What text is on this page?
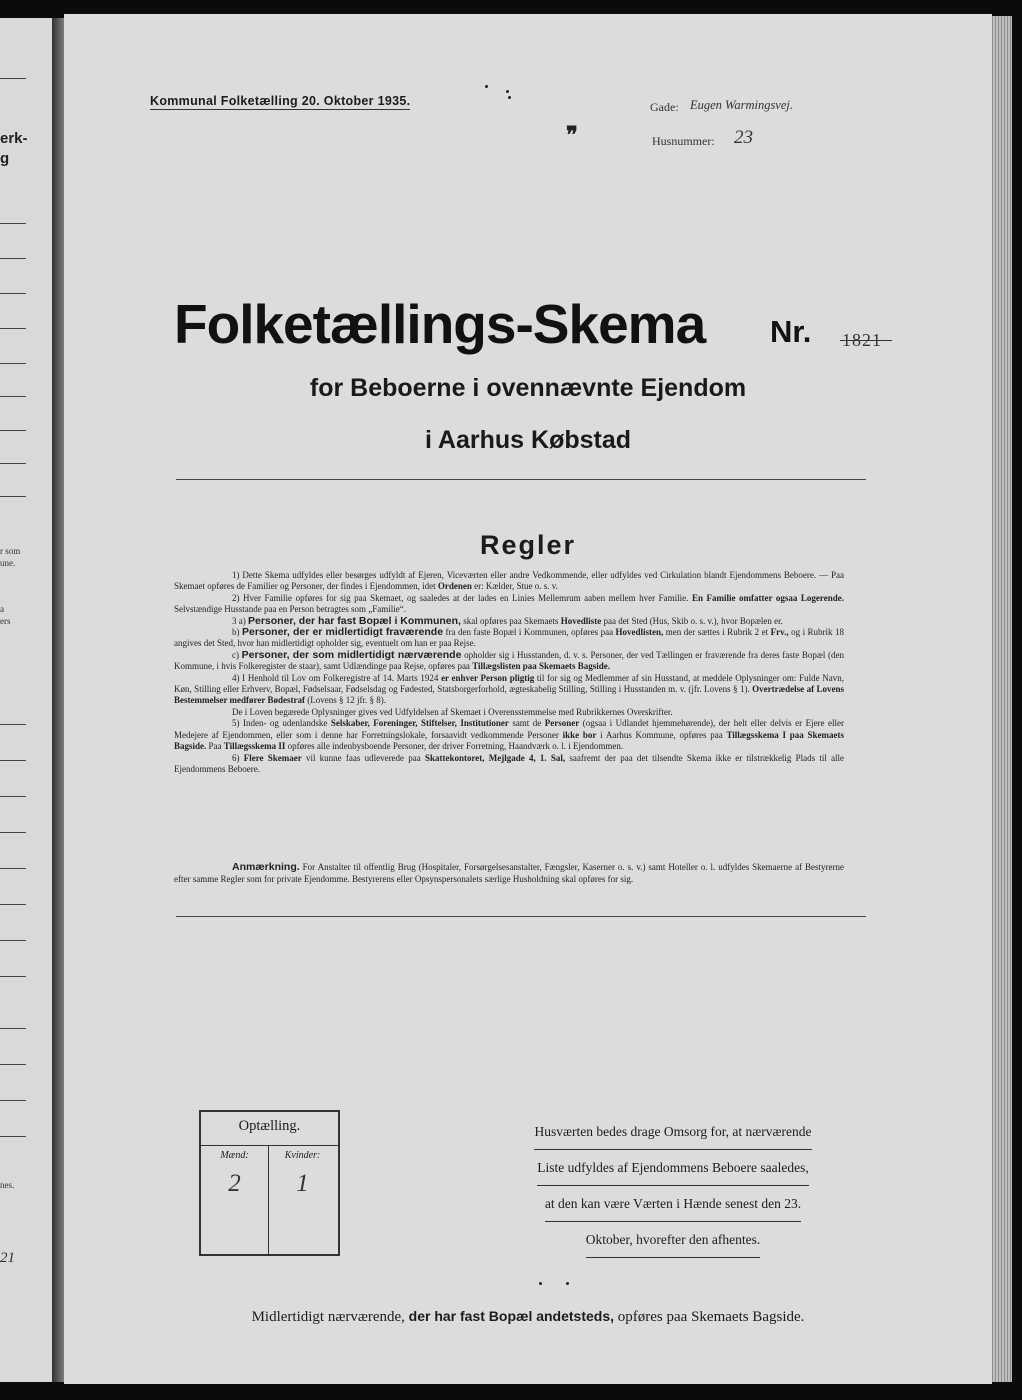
erk-
g
r som
une.
a
ers
nes.
21
Kommunal Folketælling 20. Oktober 1935.
❞
Gade: Eugen Warmingsvej.
Husnummer: 23
Folketællings-Skema Nr. 1821
for Beboerne i ovennævnte Ejendom
i Aarhus Købstad
Regler

1) Dette Skema udfyldes eller besørges udfyldt af Ejeren, Viceværten eller andre Vedkommende, eller udfyldes ved Cirkulation blandt Ejendommens Beboere. — Paa Skemaet opføres de Familier og Personer, der findes i Ejendommen, idet Ordenen er: Kælder, Stue o. s. v.

2) Hver Familie opføres for sig paa Skemaet, og saaledes at der lades en Linies Mellemrum aaben mellem hver Familie. En Familie omfatter ogsaa Logerende. Selvstændige Husstande paa en Person betragtes som „Familie“.

3 a) Personer, der har fast Bopæl i Kommunen, skal opføres paa Skemaets Hovedliste paa det Sted (Hus, Skib o. s. v.), hvor Bopælen er.

b) Personer, der er midlertidigt fraværende fra den faste Bopæl i Kommunen, opføres paa Hovedlisten, men der sættes i Rubrik 2 et Frv., og i Rubrik 18 angives det Sted, hvor han midlertidigt opholder sig, eventuelt om han er paa Rejse.

c) Personer, der som midlertidigt nærværende opholder sig i Husstanden, d. v. s. Personer, der ved Tællingen er fraværende fra deres faste Bopæl (den Kommune, i hvis Folkeregister de staar), samt Udlændinge paa Rejse, opføres paa Tillægslisten paa Skemaets Bagside.

4) I Henhold til Lov om Folkeregistre af 14. Marts 1924 er enhver Person pligtig til for sig og Medlemmer af sin Husstand, at meddele Oplysninger om: Fulde Navn, Køn, Stilling eller Erhverv, Bopæl, Fødselsaar, Fødselsdag og Fødested, Statsborgerforhold, ægteskabelig Stilling, Stilling i Husstanden m. v. (jfr. Lovens § 1). Overtrædelse af Lovens Bestemmelser medfører Bødestraf (Lovens § 12 jfr. § 8).

De i Loven begærede Oplysninger gives ved Udfyldelsen af Skemaet i Overensstemmelse med Rubrikkernes Overskrifter.

5) Inden- og udenlandske Selskaber, Foreninger, Stiftelser, Institutioner samt de Personer (ogsaa i Udlandet hjemmehørende), der helt eller delvis er Ejere eller Medejere af Ejendommen, eller som i denne har Forretningslokale, forsaavidt vedkommende Personer ikke bor i Aarhus Kommune, opføres paa Tillægsskema I paa Skemaets Bagside. Paa Tillægsskema II opføres alle indenbysboende Personer, der driver Forretning, Haandværk o. l. i Ejendommen.

6) Flere Skemaer vil kunne faas udleverede paa Skattekontoret, Mejlgade 4, 1. Sal, saafremt der paa det tilsendte Skema ikke er tilstrækkelig Plads til alle Ejendommens Beboere.

Anmærkning. For Anstalter til offentlig Brug (Hospitaler, Forsørgelsesanstalter, Fængsler, Kaserner o. s. v.) samt Hoteller o. l. udfyldes Skemaerne af Bestyrerne efter samme Regler som for private Ejendomme. Bestyrerens eller Opsynspersonalets særlige Husholdning skal opføres for sig.
Optælling.
Mænd:	Kvinder:
2	1
Husværten bedes drage Omsorg for, at nærværende
Liste udfyldes af Ejendommens Beboere saaledes,
at den kan være Værten i Hænde senest den 23.
Oktober, hvorefter den afhentes.
Midlertidigt nærværende, der har fast Bopæl andetsteds, opføres paa Skemaets Bagside.
